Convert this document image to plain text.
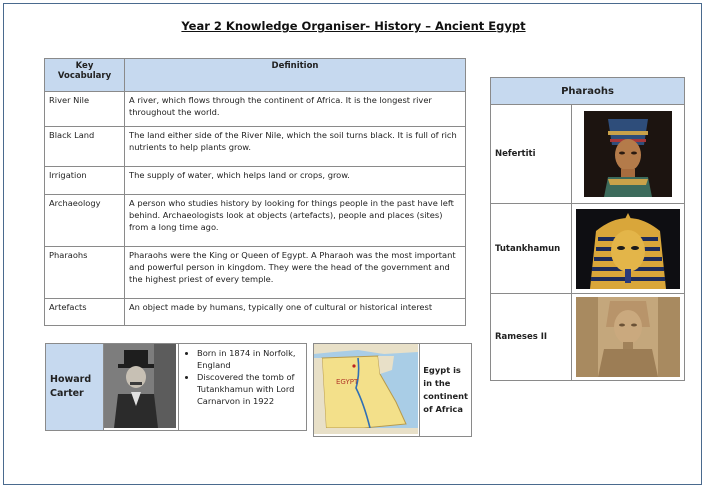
Year 2 Knowledge Organiser- History – Ancient Egypt
Key Vocabulary	Definition
River Nile	A river, which flows through the continent of Africa. It is the longest river throughout the world.
Black Land	The land either side of the River Nile, which the soil turns black. It is full of rich nutrients to help plants grow.
Irrigation	The supply of water, which helps land or crops, grow.
Archaeology	A person who studies history by looking for things people in the past have left behind. Archaeologists look at objects (artefacts), people and places (sites) from a long time ago.
Pharaohs	Pharaohs were the King or Queen of Egypt. A Pharaoh was the most important and powerful person in kingdom. They were the head of the government and the highest priest of every temple.
Artefacts	An object made by humans, typically one of cultural or historical interest
Pharaohs	
Nefertiti	

Tutankhamun	

Rameses II	
Howard Carter		
• Born in 1874 in Norfolk, England
• Discovered the tomb of Tutankhamun with Lord Carnarvon in 1922
EGYPT
	Egypt is in the continent of Africa
